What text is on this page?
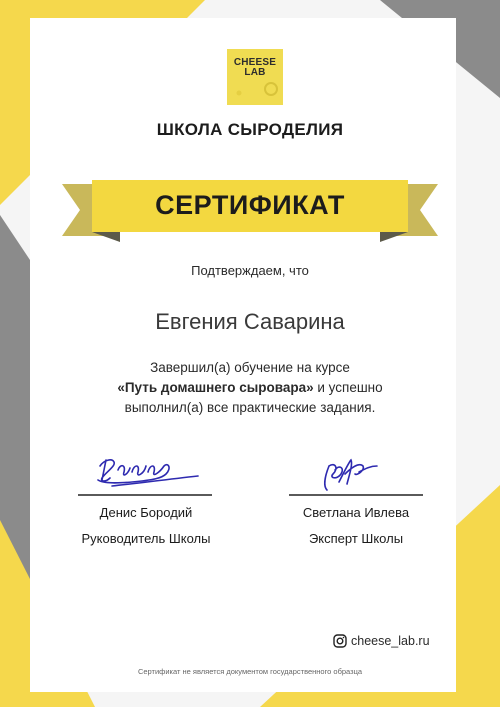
CHEESE
LAB
ШКОЛА СЫРОДЕЛИЯ
СЕРТИФИКАТ
Подтверждаем, что
Евгения Саварина
Завершил(а) обучение на курсе
«Путь домашнего сыровара» и успешно
выполнил(а) все практические задания.
Денис Бородий	Светлана Ивлева
Руководитель Школы	Эксперт Школы
cheese_lab.ru
Сертификат не является документом государственного образца
